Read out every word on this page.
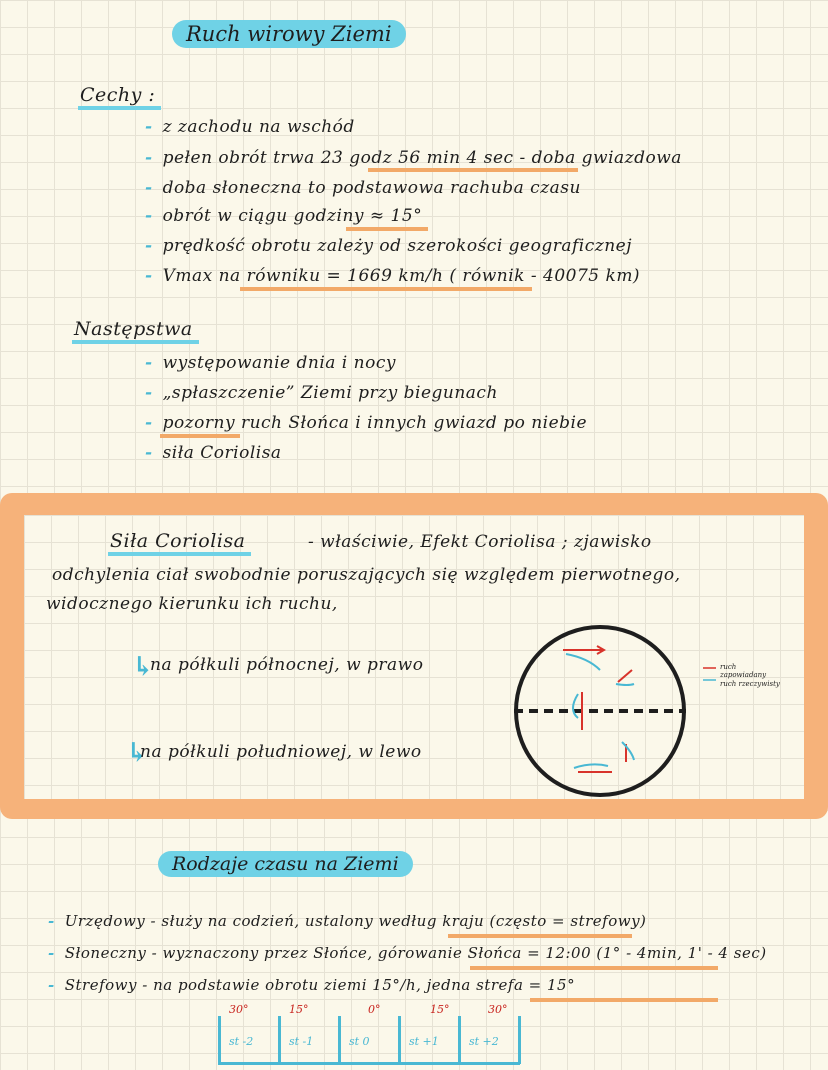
Ruch wirowy Ziemi
Cechy :
- z zachodu na wschód
- pełen obrót trwa 23 godz 56 min 4 sec - doba gwiazdowa
- doba słoneczna to podstawowa rachuba czasu
- obrót w ciągu godziny ≈ 15°
- prędkość obrotu zależy od szerokości geograficznej
- Vmax na równiku = 1669 km/h ( równik - 40075 km)
Następstwa
- występowanie dnia i nocy
- „spłaszczenie” Ziemi przy biegunach
- pozorny ruch Słońca i innych gwiazd po niebie
- siła Coriolisa
Siła Coriolisa	- właściwie, Efekt Coriolisa ; zjawisko
odchylenia ciał swobodnie poruszających się względem pierwotnego,
widocznego kierunku ich ruchu,
↳
na półkuli północnej, w prawo
↳
na półkuli południowej, w lewo
ruch zapowiadany
ruch rzeczywisty
Rodzaje czasu na Ziemi
- Urzędowy - służy na codzień, ustalony według kraju (często = strefowy)
- Słoneczny - wyznaczony przez Słońce, górowanie Słońca = 12:00 (1° - 4min, 1' - 4 sec)
- Strefowy - na podstawie obrotu ziemi 15°/h, jedna strefa = 15°
30°	15°	0°	15°	30°
st -2	st -1	st 0	st +1	st +2
